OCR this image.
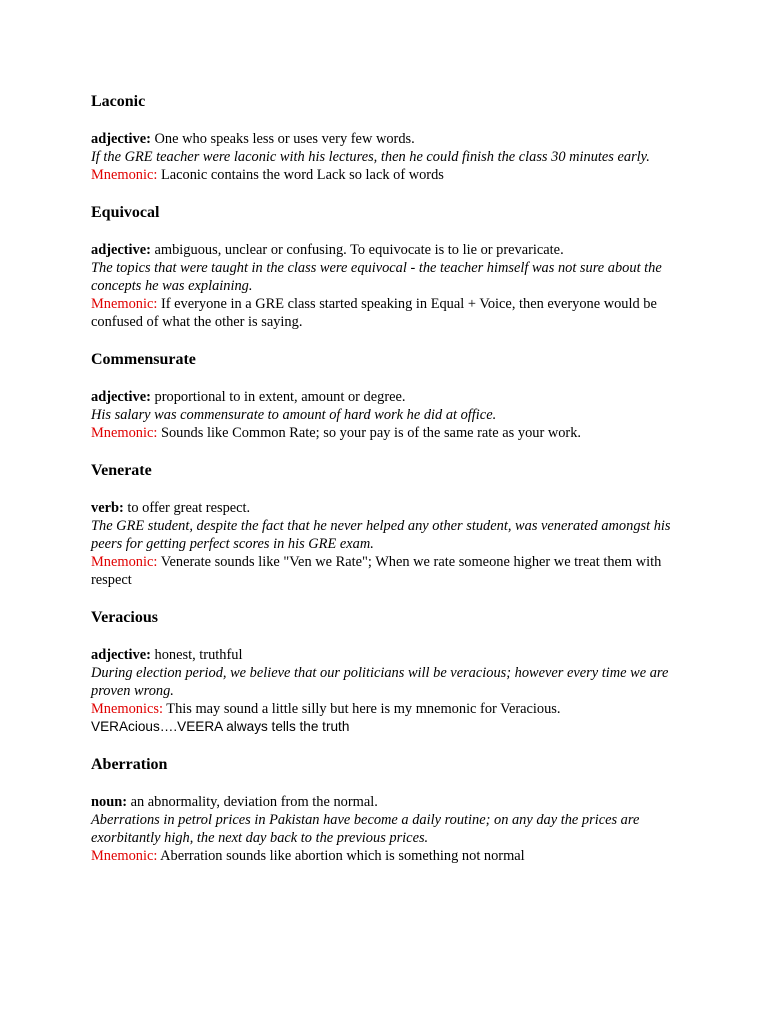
Laconic

adjective: One who speaks less or uses very few words.

If the GRE teacher were laconic with his lectures, then he could finish the class 30 minutes early.

Mnemonic: Laconic contains the word Lack so lack of words

Equivocal

adjective: ambiguous, unclear or confusing. To equivocate is to lie or prevaricate.

The topics that were taught in the class were equivocal - the teacher himself was not sure about the concepts he was explaining.

Mnemonic: If everyone in a GRE class started speaking in Equal + Voice, then everyone would be confused of what the other is saying.

Commensurate

adjective: proportional to in extent, amount or degree.

His salary was commensurate to amount of hard work he did at office.

Mnemonic: Sounds like Common Rate; so your pay is of the same rate as your work.

Venerate

verb: to offer great respect.

The GRE student, despite the fact that he never helped any other student, was venerated amongst his peers for getting perfect scores in his GRE exam.

Mnemonic: Venerate sounds like "Ven we Rate"; When we rate someone higher we treat them with respect

Veracious

adjective: honest, truthful

During election period, we believe that our politicians will be veracious; however every time we are proven wrong.

Mnemonics: This may sound a little silly but here is my mnemonic for Veracious.

VERAcious….VEERA always tells the truth

Aberration

noun: an abnormality, deviation from the normal.

Aberrations in petrol prices in Pakistan have become a daily routine; on any day the prices are exorbitantly high, the next day back to the previous prices.

Mnemonic: Aberration sounds like abortion which is something not normal
